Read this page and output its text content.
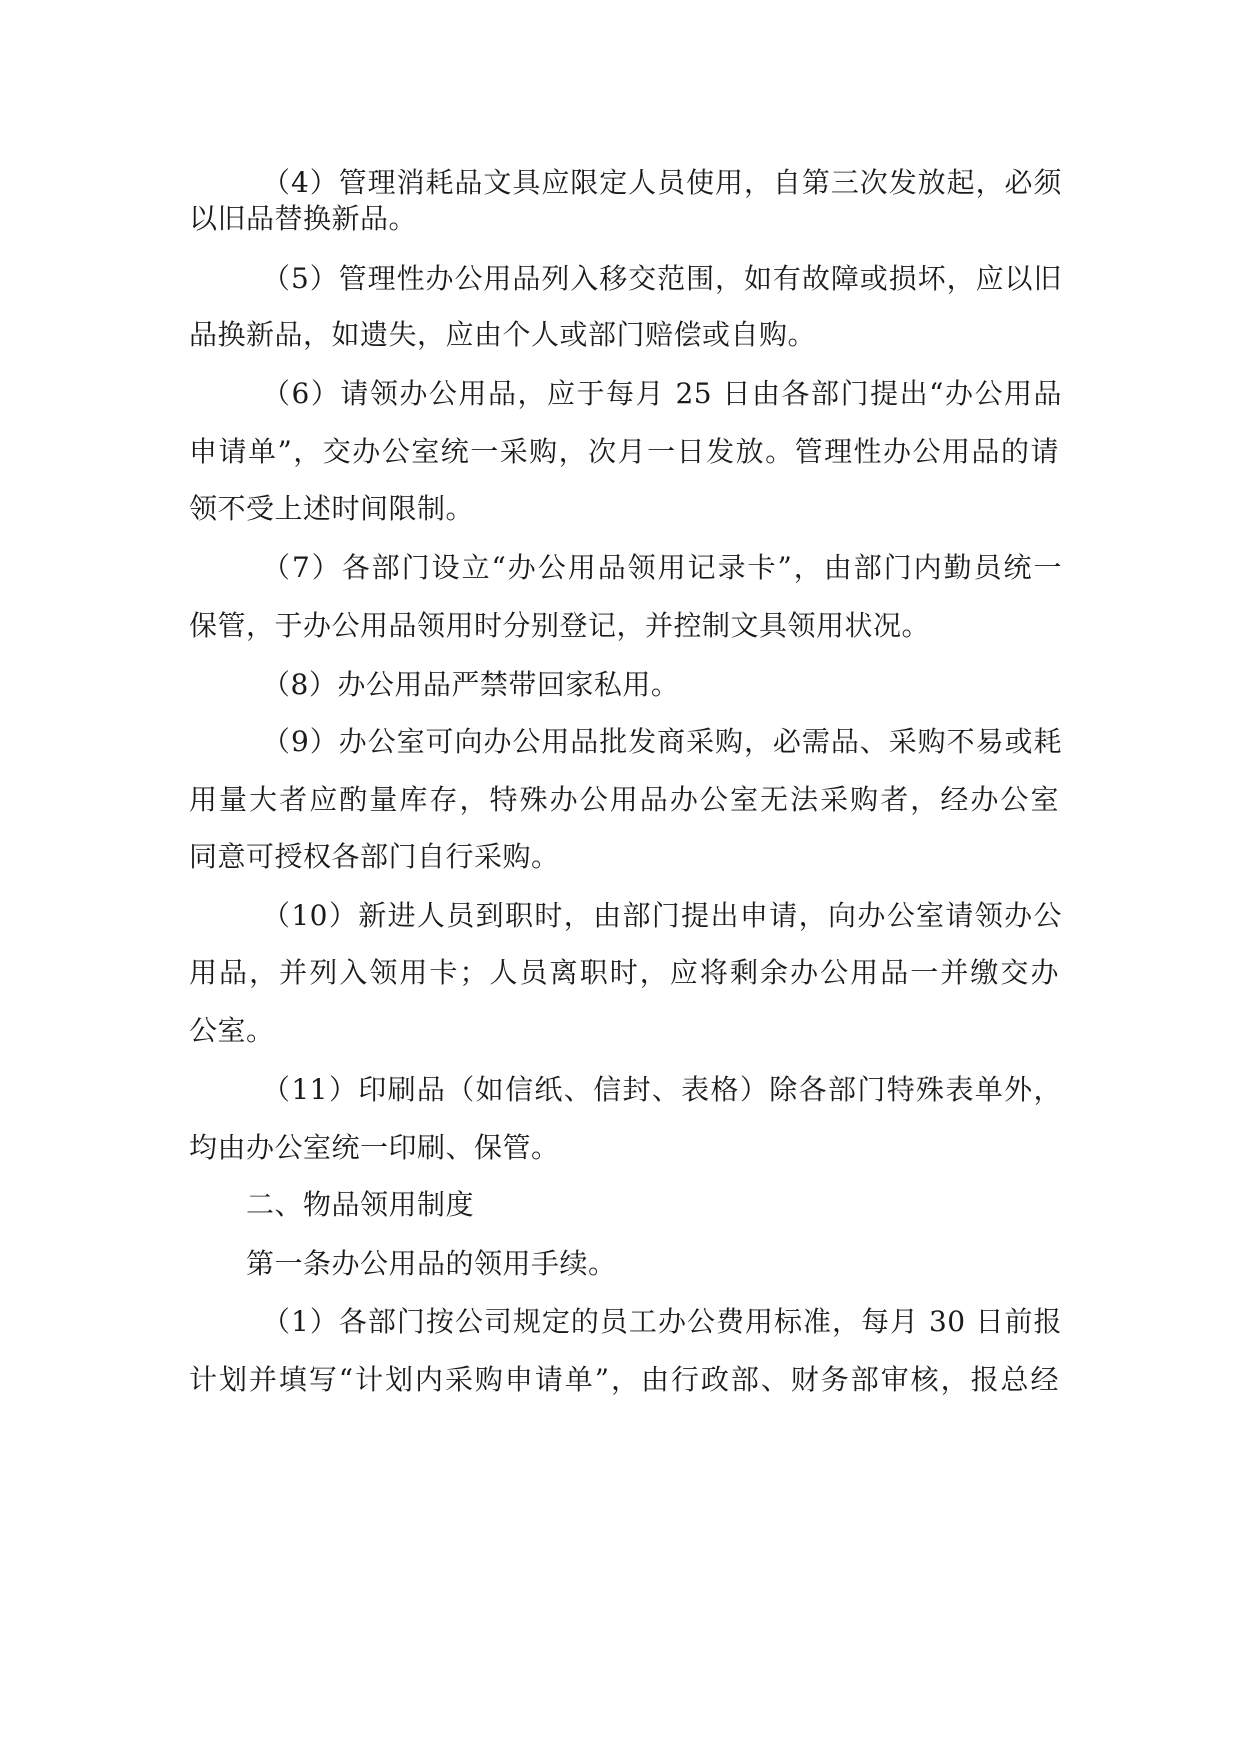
（4）管理消耗品文具应限定人员使用，自第三次发放起，必须
以旧品替换新品。
（5）管理性办公用品列入移交范围，如有故障或损坏，应以旧
品换新品，如遗失，应由个人或部门赔偿或自购。
（6）请领办公用品，应于每月 25 日由各部门提出“办公用品
申请单”，交办公室统一采购，次月一日发放。管理性办公用品的请
领不受上述时间限制。
（7）各部门设立“办公用品领用记录卡”，由部门内勤员统一
保管，于办公用品领用时分别登记，并控制文具领用状况。
（8）办公用品严禁带回家私用。
（9）办公室可向办公用品批发商采购，必需品、采购不易或耗
用量大者应酌量库存，特殊办公用品办公室无法采购者，经办公室
同意可授权各部门自行采购。
（10）新进人员到职时，由部门提出申请，向办公室请领办公
用品，并列入领用卡；人员离职时，应将剩余办公用品一并缴交办
公室。
（11）印刷品（如信纸、信封、表格）除各部门特殊表单外，
均由办公室统一印刷、保管。
二、物品领用制度
第一条办公用品的领用手续。
（1）各部门按公司规定的员工办公费用标准，每月 30 日前报
计划并填写“计划内采购申请单”，由行政部、财务部审核，报总经
